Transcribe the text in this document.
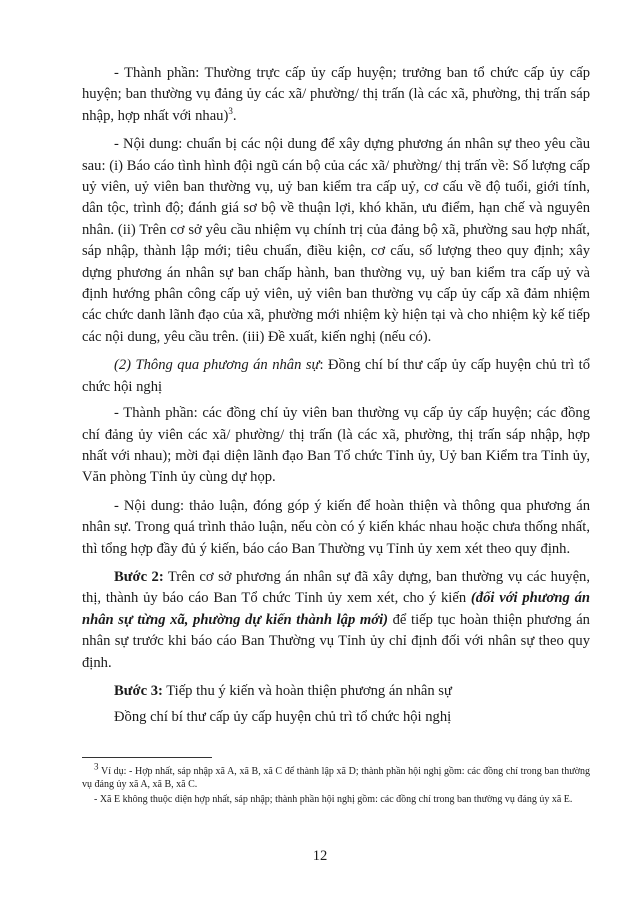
- Thành phần: Thường trực cấp ủy cấp huyện; trưởng ban tổ chức cấp ủy cấp huyện; ban thường vụ đảng ủy các xã/ phường/ thị trấn (là các xã, phường, thị trấn sáp nhập, hợp nhất với nhau)$^3$.

- Nội dung: chuẩn bị các nội dung để xây dựng phương án nhân sự theo yêu cầu sau: (i) Báo cáo tình hình đội ngũ cán bộ của các xã/ phường/ thị trấn về: Số lượng cấp uỷ viên, uỷ viên ban thường vụ, uỷ ban kiểm tra cấp uỷ, cơ cấu về độ tuổi, giới tính, dân tộc, trình độ; đánh giá sơ bộ về thuận lợi, khó khăn, ưu điểm, hạn chế và nguyên nhân. (ii) Trên cơ sở yêu cầu nhiệm vụ chính trị của đảng bộ xã, phường sau hợp nhất, sáp nhập, thành lập mới; tiêu chuẩn, điều kiện, cơ cấu, số lượng theo quy định; xây dựng phương án nhân sự ban chấp hành, ban thường vụ, uỷ ban kiểm tra cấp uỷ và định hướng phân công cấp uỷ viên, uỷ viên ban thường vụ cấp ủy cấp xã đảm nhiệm các chức danh lãnh đạo của xã, phường mới nhiệm kỳ hiện tại và cho nhiệm kỳ kế tiếp các nội dung, yêu cầu trên. (iii) Đề xuất, kiến nghị (nếu có).

(2) Thông qua phương án nhân sự: Đồng chí bí thư cấp ủy cấp huyện chủ trì tổ chức hội nghị

- Thành phần: các đồng chí ủy viên ban thường vụ cấp ủy cấp huyện; các đồng chí đảng ủy viên các xã/ phường/ thị trấn (là các xã, phường, thị trấn sáp nhập, hợp nhất với nhau); mời đại diện lãnh đạo Ban Tổ chức Tỉnh ủy, Uỷ ban Kiểm tra Tỉnh ủy, Văn phòng Tỉnh ủy cùng dự họp.

- Nội dung: thảo luận, đóng góp ý kiến để hoàn thiện và thông qua phương án nhân sự. Trong quá trình thảo luận, nếu còn có ý kiến khác nhau hoặc chưa thống nhất, thì tổng hợp đầy đủ ý kiến, báo cáo Ban Thường vụ Tỉnh ủy xem xét theo quy định.

Bước 2: Trên cơ sở phương án nhân sự đã xây dựng, ban thường vụ các huyện, thị, thành ủy báo cáo Ban Tổ chức Tỉnh ủy xem xét, cho ý kiến (đối với phương án nhân sự từng xã, phường dự kiến thành lập mới) để tiếp tục hoàn thiện phương án nhân sự trước khi báo cáo Ban Thường vụ Tỉnh ủy chỉ định đối với nhân sự theo quy định.

Bước 3: Tiếp thu ý kiến và hoàn thiện phương án nhân sự

Đồng chí bí thư cấp ủy cấp huyện chủ trì tổ chức hội nghị

$^3$ Ví dụ: - Hợp nhất, sáp nhập xã A, xã B, xã C để thành lập xã D; thành phần hội nghị gồm: các đồng chí trong ban thường vụ đảng ủy xã A, xã B, xã C.

- Xã E không thuộc diện hợp nhất, sáp nhập; thành phần hội nghị gồm: các đồng chí trong ban thường vụ đảng ủy xã E.

12
